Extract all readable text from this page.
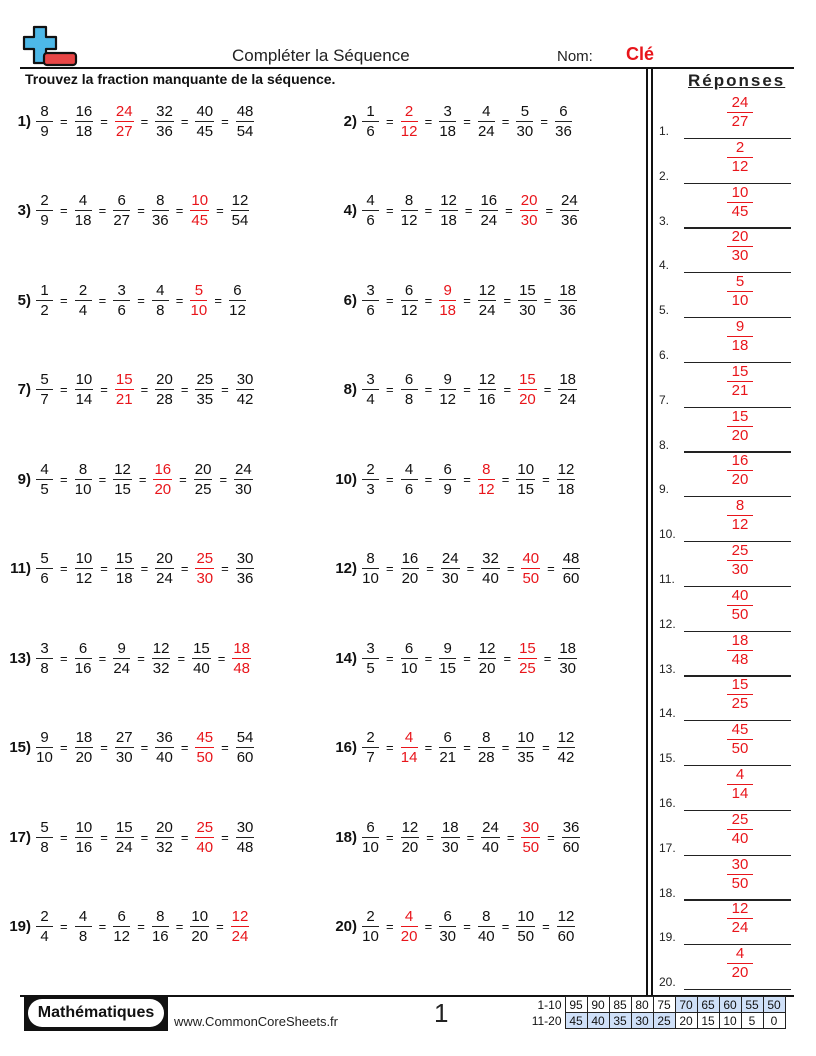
Compléter la Séquence	Nom: Clé
Trouvez la fraction manquante de la séquence.	Réponses
$1) \frac{8}{9} = \frac{16}{18} = \frac{24}{27} = \frac{32}{36} = \frac{40}{45} = \frac{48}{54}$	$2) \frac{1}{6} = \frac{2}{12} = \frac{3}{18} = \frac{4}{24} = \frac{5}{30} = \frac{6}{36}$
$3) \frac{2}{9} = \frac{4}{18} = \frac{6}{27} = \frac{8}{36} = \frac{10}{45} = \frac{12}{54}$	$4) \frac{4}{6} = \frac{8}{12} = \frac{12}{18} = \frac{16}{24} = \frac{20}{30} = \frac{24}{36}$
$5) \frac{1}{2} = \frac{2}{4} = \frac{3}{6} = \frac{4}{8} = \frac{5}{10} = \frac{6}{12}$	$6) \frac{3}{6} = \frac{6}{12} = \frac{9}{18} = \frac{12}{24} = \frac{15}{30} = \frac{18}{36}$
$7) \frac{5}{7} = \frac{10}{14} = \frac{15}{21} = \frac{20}{28} = \frac{25}{35} = \frac{30}{42}$	$8) \frac{3}{4} = \frac{6}{8} = \frac{9}{12} = \frac{12}{16} = \frac{15}{20} = \frac{18}{24}$
$9) \frac{4}{5} = \frac{8}{10} = \frac{12}{15} = \frac{16}{20} = \frac{20}{25} = \frac{24}{30}$	$10) \frac{2}{3} = \frac{4}{6} = \frac{6}{9} = \frac{8}{12} = \frac{10}{15} = \frac{12}{18}$
$11) \frac{5}{6} = \frac{10}{12} = \frac{15}{18} = \frac{20}{24} = \frac{25}{30} = \frac{30}{36}$	$12) \frac{8}{10} = \frac{16}{20} = \frac{24}{30} = \frac{32}{40} = \frac{40}{50} = \frac{48}{60}$
$13) \frac{3}{8} = \frac{6}{16} = \frac{9}{24} = \frac{12}{32} = \frac{15}{40} = \frac{18}{48}$	$14) \frac{3}{5} = \frac{6}{10} = \frac{9}{15} = \frac{12}{20} = \frac{15}{25} = \frac{18}{30}$
$15) \frac{9}{10} = \frac{18}{20} = \frac{27}{30} = \frac{36}{40} = \frac{45}{50} = \frac{54}{60}$	$16) \frac{2}{7} = \frac{4}{14} = \frac{6}{21} = \frac{8}{28} = \frac{10}{35} = \frac{12}{42}$
$17) \frac{5}{8} = \frac{10}{16} = \frac{15}{24} = \frac{20}{32} = \frac{25}{40} = \frac{30}{48}$	$18) \frac{6}{10} = \frac{12}{20} = \frac{18}{30} = \frac{24}{40} = \frac{30}{50} = \frac{36}{60}$
$19) \frac{2}{4} = \frac{4}{8} = \frac{6}{12} = \frac{8}{16} = \frac{10}{20} = \frac{12}{24}$	$20) \frac{2}{10} = \frac{4}{20} = \frac{6}{30} = \frac{8}{40} = \frac{10}{50} = \frac{12}{60}$
1.	$\frac{24}{27}$
2.	$\frac{2}{12}$
3.	$\frac{10}{45}$
4.	$\frac{20}{30}$
5.	$\frac{5}{10}$
6.	$\frac{9}{18}$
7.	$\frac{15}{21}$
8.	$\frac{15}{20}$
9.	$\frac{16}{20}$
10.	$\frac{8}{12}$
11.	$\frac{25}{30}$
12.	$\frac{40}{50}$
13.	$\frac{18}{48}$
14.	$\frac{15}{25}$
15.	$\frac{45}{50}$
16.	$\frac{4}{14}$
17.	$\frac{25}{40}$
18.	$\frac{30}{50}$
19.	$\frac{12}{24}$
20.	$\frac{4}{20}$
Mathématiques
www.CommonCoreSheets.fr	1	1-10	95	90	85	80	75	70	65	60	55	50
11-20	45	40	35	30	25	20	15	10	5	0
